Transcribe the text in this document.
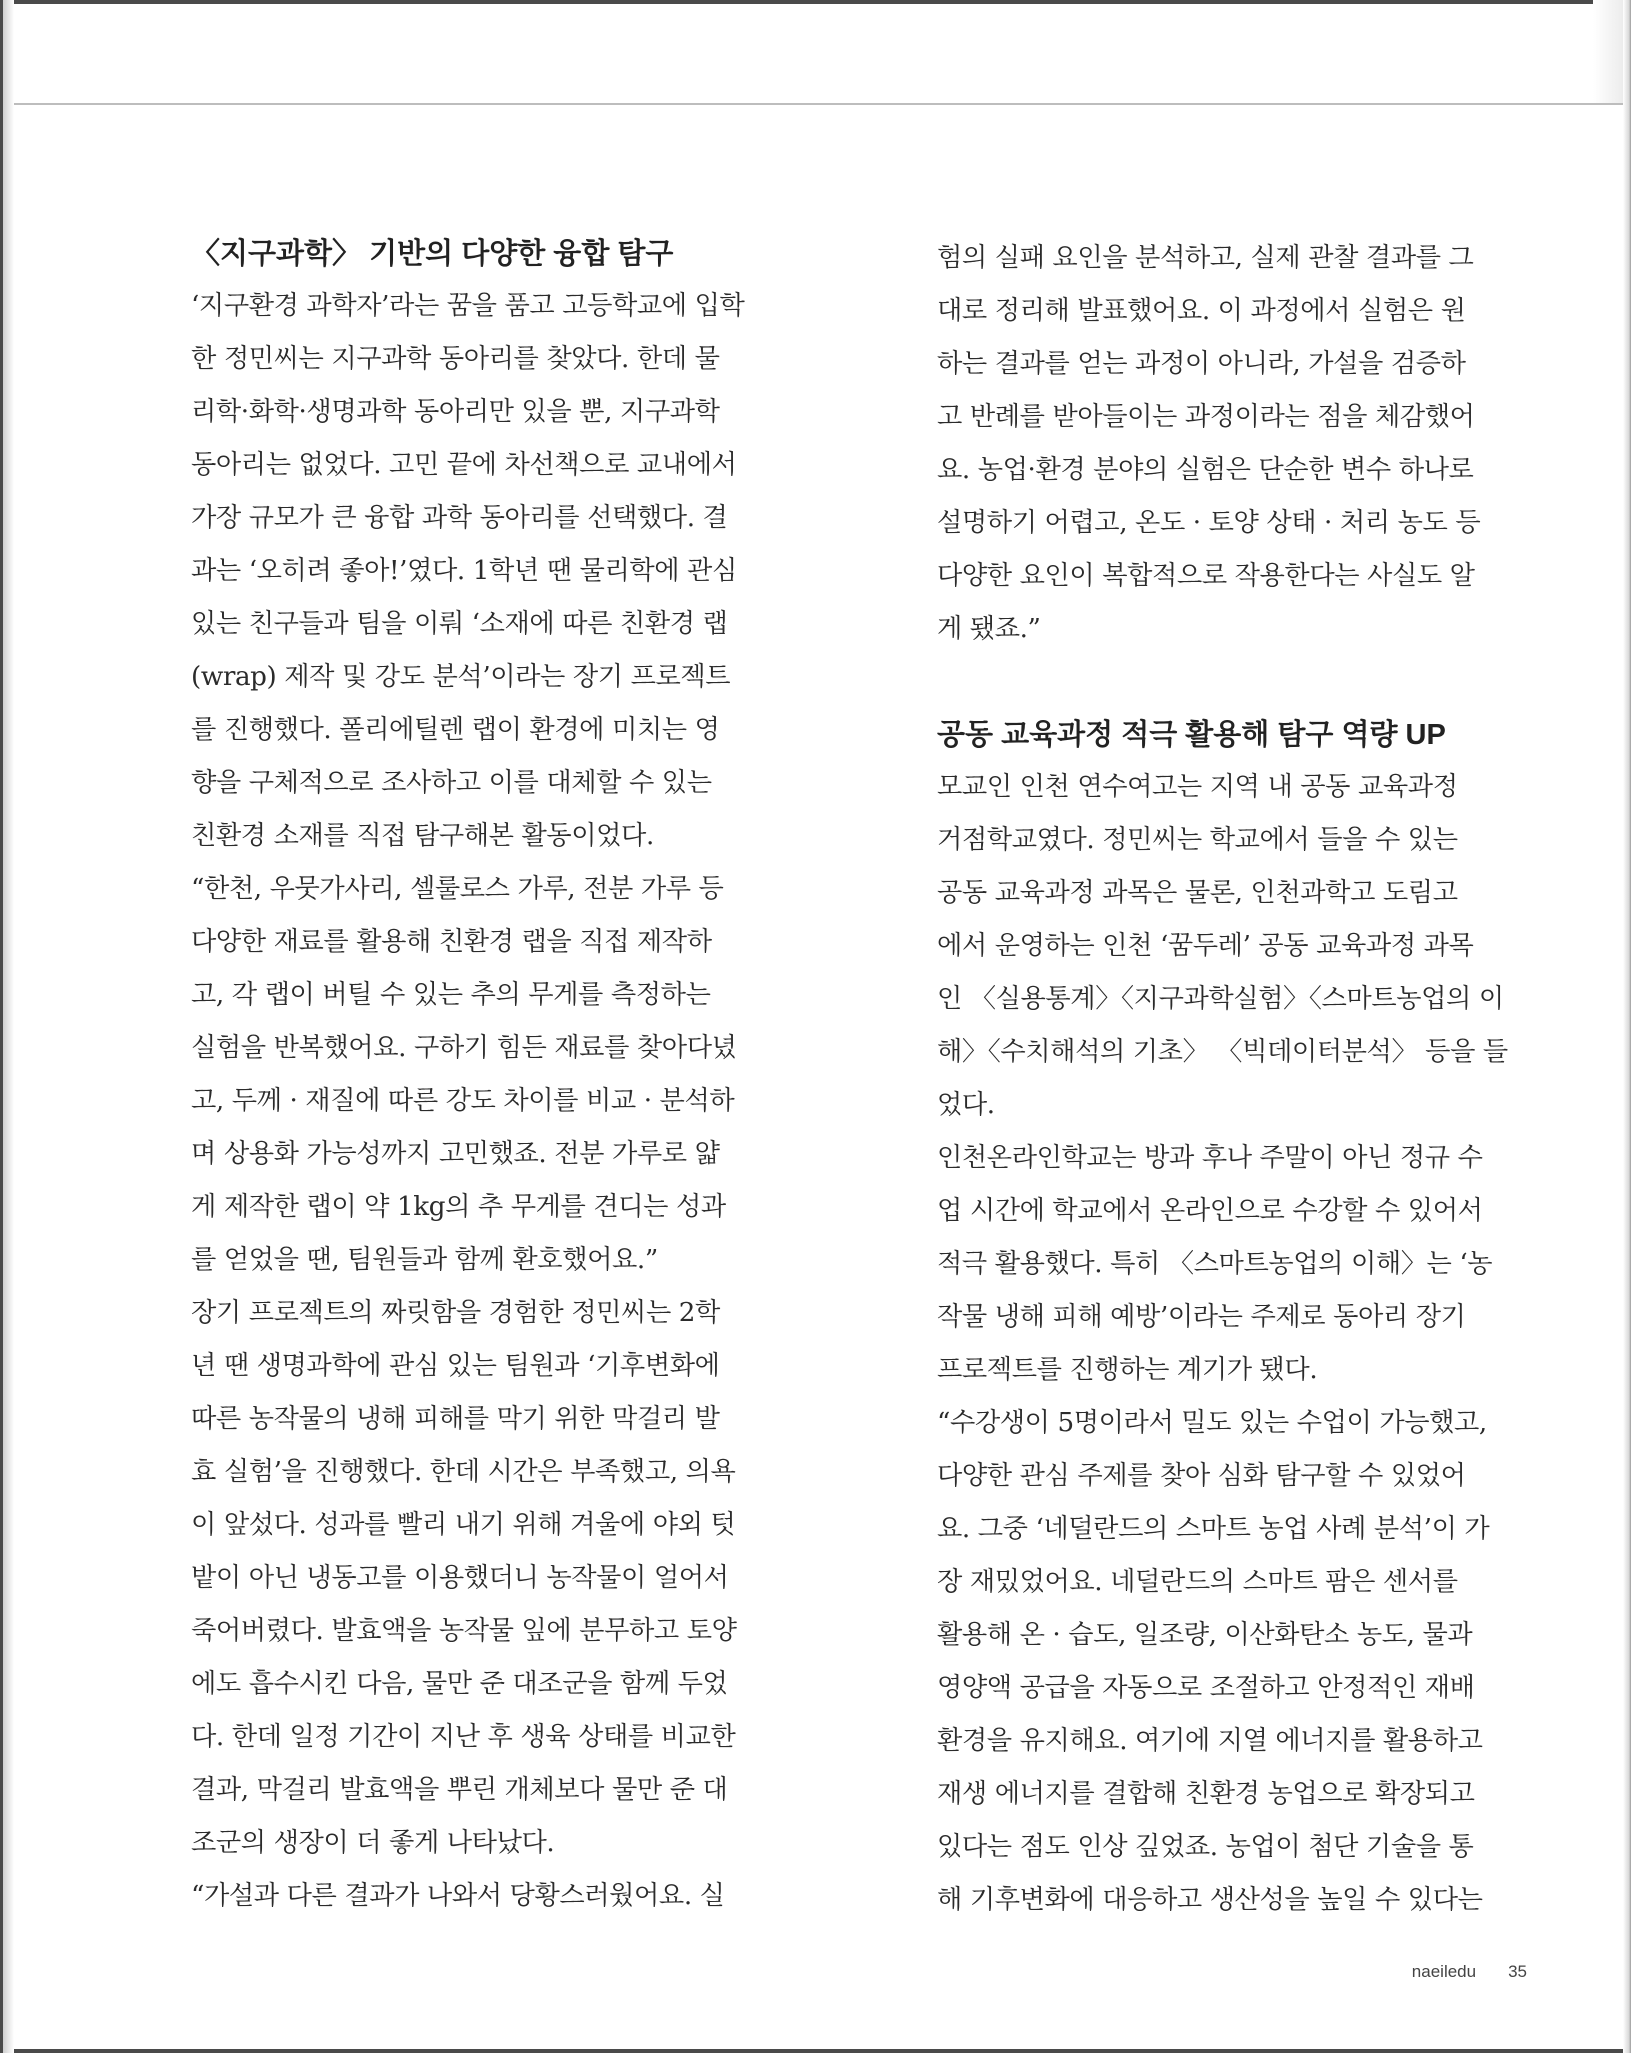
〈지구과학〉 기반의 다양한 융합 탐구

‘지구환경 과학자’라는 꿈을 품고 고등학교에 입학

한 정민씨는 지구과학 동아리를 찾았다. 한데 물

리학·화학·생명과학 동아리만 있을 뿐, 지구과학

동아리는 없었다. 고민 끝에 차선책으로 교내에서

가장 규모가 큰 융합 과학 동아리를 선택했다. 결

과는 ‘오히려 좋아!’였다. 1학년 땐 물리학에 관심

있는 친구들과 팀을 이뤄 ‘소재에 따른 친환경 랩

(wrap) 제작 및 강도 분석’이라는 장기 프로젝트

를 진행했다. 폴리에틸렌 랩이 환경에 미치는 영

향을 구체적으로 조사하고 이를 대체할 수 있는

친환경 소재를 직접 탐구해본 활동이었다.

“한천, 우뭇가사리, 셀룰로스 가루, 전분 가루 등

다양한 재료를 활용해 친환경 랩을 직접 제작하

고, 각 랩이 버틸 수 있는 추의 무게를 측정하는

실험을 반복했어요. 구하기 힘든 재료를 찾아다녔

고, 두께 · 재질에 따른 강도 차이를 비교 · 분석하

며 상용화 가능성까지 고민했죠. 전분 가루로 얇

게 제작한 랩이 약 1kg의 추 무게를 견디는 성과

를 얻었을 땐, 팀원들과 함께 환호했어요.”

장기 프로젝트의 짜릿함을 경험한 정민씨는 2학

년 땐 생명과학에 관심 있는 팀원과 ‘기후변화에

따른 농작물의 냉해 피해를 막기 위한 막걸리 발

효 실험’을 진행했다. 한데 시간은 부족했고, 의욕

이 앞섰다. 성과를 빨리 내기 위해 겨울에 야외 텃

밭이 아닌 냉동고를 이용했더니 농작물이 얼어서

죽어버렸다. 발효액을 농작물 잎에 분무하고 토양

에도 흡수시킨 다음, 물만 준 대조군을 함께 두었

다. 한데 일정 기간이 지난 후 생육 상태를 비교한

결과, 막걸리 발효액을 뿌린 개체보다 물만 준 대

조군의 생장이 더 좋게 나타났다.

“가설과 다른 결과가 나와서 당황스러웠어요. 실

험의 실패 요인을 분석하고, 실제 관찰 결과를 그

대로 정리해 발표했어요. 이 과정에서 실험은 원

하는 결과를 얻는 과정이 아니라, 가설을 검증하

고 반례를 받아들이는 과정이라는 점을 체감했어

요. 농업·환경 분야의 실험은 단순한 변수 하나로

설명하기 어렵고, 온도 · 토양 상태 · 처리 농도 등

다양한 요인이 복합적으로 작용한다는 사실도 알

게 됐죠.”

공동 교육과정 적극 활용해 탐구 역량 UP

모교인 인천 연수여고는 지역 내 공동 교육과정

거점학교였다. 정민씨는 학교에서 들을 수 있는

공동 교육과정 과목은 물론, 인천과학고 도림고

에서 운영하는 인천 ‘꿈두레’ 공동 교육과정 과목

인 〈실용통계〉〈지구과학실험〉〈스마트농업의 이

해〉〈수치해석의 기초〉 〈빅데이터분석〉 등을 들

었다.

인천온라인학교는 방과 후나 주말이 아닌 정규 수

업 시간에 학교에서 온라인으로 수강할 수 있어서

적극 활용했다. 특히 〈스마트농업의 이해〉는 ‘농

작물 냉해 피해 예방’이라는 주제로 동아리 장기

프로젝트를 진행하는 계기가 됐다.

“수강생이 5명이라서 밀도 있는 수업이 가능했고,

다양한 관심 주제를 찾아 심화 탐구할 수 있었어

요. 그중 ‘네덜란드의 스마트 농업 사례 분석’이 가

장 재밌었어요. 네덜란드의 스마트 팜은 센서를

활용해 온 · 습도, 일조량, 이산화탄소 농도, 물과

영양액 공급을 자동으로 조절하고 안정적인 재배

환경을 유지해요. 여기에 지열 에너지를 활용하고

재생 에너지를 결합해 친환경 농업으로 확장되고

있다는 점도 인상 깊었죠. 농업이 첨단 기술을 통

해 기후변화에 대응하고 생산성을 높일 수 있다는

naeiledu 35
